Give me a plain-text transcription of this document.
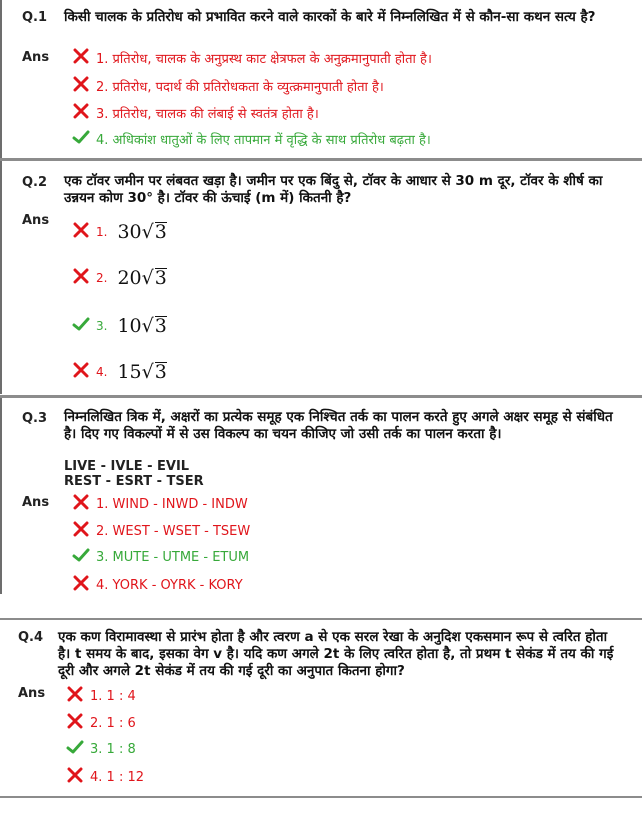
Q.1 किसी चालक के प्रतिरोध को प्रभावित करने वाले कारकों के बारे में निम्नलिखित में से कौन-सा कथन सत्य है?
Ans	1. प्रतिरोध, चालक के अनुप्रस्थ काट क्षेत्रफल के अनुक्रमानुपाती होता है।
2. प्रतिरोध, पदार्थ की प्रतिरोधकता के व्युत्क्रमानुपाती होता है।
3. प्रतिरोध, चालक की लंबाई से स्वतंत्र होता है।
4. अधिकांश धातुओं के लिए तापमान में वृद्धि के साथ प्रतिरोध बढ़ता है।
Q.2 एक टॉवर जमीन पर लंबवत खड़ा है। जमीन पर एक बिंदु से, टॉवर के आधार से 30 m दूर, टॉवर के शीर्ष का उन्नयन कोण 30° है। टॉवर की ऊंचाई (m में) कितनी है?
Ans
1. 30√3
2. 20√3
3. 10√3
4. 15√3
Q.3 निम्नलिखित त्रिक में, अक्षरों का प्रत्येक समूह एक निश्चित तर्क का पालन करते हुए अगले अक्षर समूह से संबंधित है। दिए गए विकल्पों में से उस विकल्प का चयन कीजिए जो उसी तर्क का पालन करता है।
LIVE - IVLE - EVIL
REST - ESRT - TSER
Ans	1. WIND - INWD - INDW
2. WEST - WSET - TSEW
3. MUTE - UTME - ETUM
4. YORK - OYRK - KORY
Q.4 एक कण विरामावस्था से प्रारंभ होता है और त्वरण a से एक सरल रेखा के अनुदिश एकसमान रूप से त्वरित होता है। t समय के बाद, इसका वेग v है। यदि कण अगले 2t के लिए त्वरित होता है, तो प्रथम t सेकंड में तय की गई दूरी और अगले 2t सेकंड में तय की गई दूरी का अनुपात कितना होगा?
Ans	1. 1 : 4
2. 1 : 6
3. 1 : 8
4. 1 : 12
